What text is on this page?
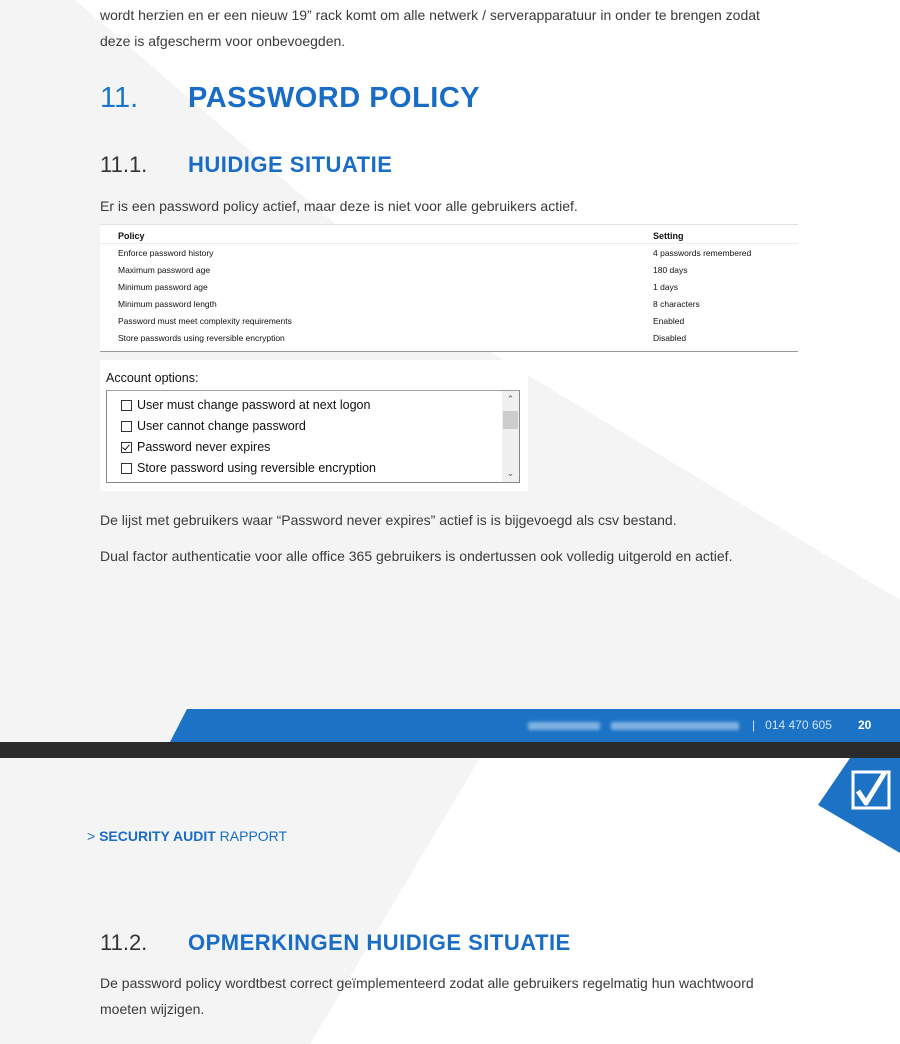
wordt herzien en er een nieuw 19” rack komt om alle netwerk / serverapparatuur in onder te brengen zodat

deze is afgescherm voor onbevoegden.

11.	PASSWORD POLICY
11.1.	HUIDIGE SITUATIE

Er is een password policy actief, maar deze is niet voor alle gebruikers actief.

Policy	Setting
Enforce password history	4 passwords remembered
Maximum password age	180 days
Minimum password age	1 days
Minimum password length	8 characters
Password must meet complexity requirements	Enabled
Store passwords using reversible encryption	Disabled
Account options:
User must change password at next logon
User cannot change password
Password never expires
Store password using reversible encryption
⌃
⌄

De lijst met gebruikers waar “Password never expires” actief is is bijgevoegd als csv bestand.

Dual factor authenticatie voor alle office 365 gebruikers is ondertussen ook volledig uitgerold en actief.

| 014 470 605 20
> SECURITY AUDIT RAPPORT
11.2.	OPMERKINGEN HUIDIGE SITUATIE

De password policy wordtbest correct geïmplementeerd zodat alle gebruikers regelmatig hun wachtwoord

moeten wijzigen.
